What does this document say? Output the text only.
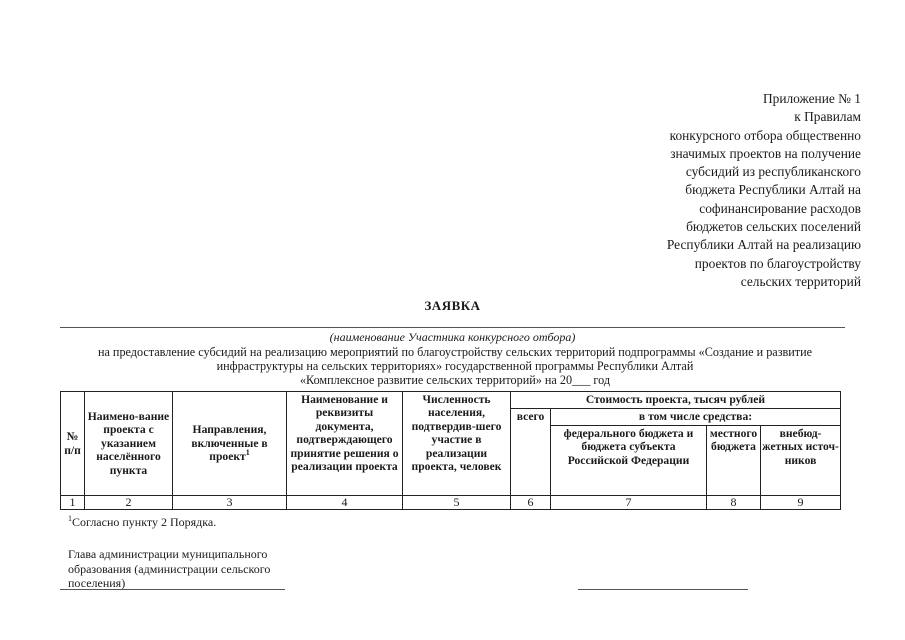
Приложение № 1
к Правилам
конкурсного отбора общественно
значимых проектов на получение
субсидий из республиканского
бюджета Республики Алтай на
софинансирование расходов
бюджетов сельских поселений
Республики Алтай на реализацию
проектов по благоустройству
сельских территорий
ЗАЯВКА
(наименование Участника конкурсного отбора)
на предоставление субсидий на реализацию мероприятий по благоустройству сельских территорий подпрограммы «Создание и развитие
инфраструктуры на сельских территориях» государственной программы Республики Алтай
«Комплексное развитие сельских территорий» на 20___ год
№ п/п	Наимено-вание проекта с указанием населённого пункта	Направления, включенные в проект$^1$	Наименование и реквизиты документа, подтверждающего принятие решения о реализации проекта	Численность населения, подтвердив-шего участие в реализации проекта, человек	Стоимость проекта, тысяч рублей			
					всего	в том числе средства:		
						федерального бюджета и бюджета субъекта Российской Федерации	местного бюджета	внебюд-жетных источ-ников
1	2	3	4	5	6	7	8	9
$^1$Согласно пункту 2 Порядка.
Глава администрации муниципального
образования (администрации сельского
поселения)
